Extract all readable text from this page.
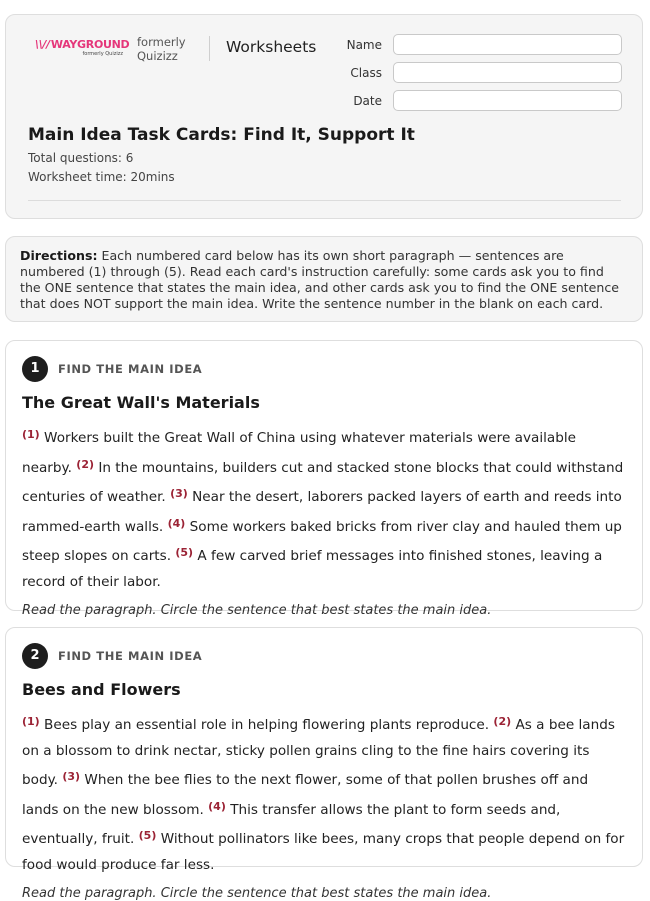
\\//WAYGROUND
formerly Quizizz
formerly Quizizz	Worksheets	Name
Class
Date
Main Idea Task Cards: Find It, Support It
Total questions: 6
Worksheet time: 20mins
Directions: Each numbered card below has its own short paragraph — sentences are numbered (1) through (5). Read each card's instruction carefully: some cards ask you to find the ONE sentence that states the main idea, and other cards ask you to find the ONE sentence that does NOT support the main idea. Write the sentence number in the blank on each card.
1	FIND THE MAIN IDEA
The Great Wall's Materials
$^{(1)}$ Workers built the Great Wall of China using whatever materials were available nearby. $^{(2)}$ In the mountains, builders cut and stacked stone blocks that could withstand centuries of weather. $^{(3)}$ Near the desert, laborers packed layers of earth and reeds into rammed-earth walls. $^{(4)}$ Some workers baked bricks from river clay and hauled them up steep slopes on carts. $^{(5)}$ A few carved brief messages into finished stones, leaving a record of their labor.
Read the paragraph. Circle the sentence that best states the main idea.
2	FIND THE MAIN IDEA
Bees and Flowers
$^{(1)}$ Bees play an essential role in helping flowering plants reproduce. $^{(2)}$ As a bee lands on a blossom to drink nectar, sticky pollen grains cling to the fine hairs covering its body. $^{(3)}$ When the bee flies to the next flower, some of that pollen brushes off and lands on the new blossom. $^{(4)}$ This transfer allows the plant to form seeds and, eventually, fruit. $^{(5)}$ Without pollinators like bees, many crops that people depend on for food would produce far less.
Read the paragraph. Circle the sentence that best states the main idea.
